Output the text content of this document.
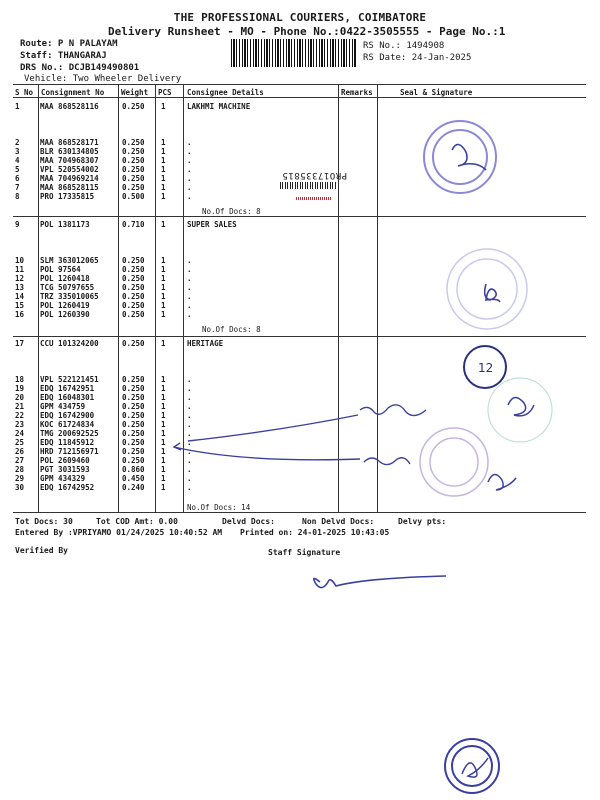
THE PROFESSIONAL COURIERS, COIMBATORE
Delivery Runsheet - MO - Phone No.:0422-3505555 - Page No.:1
Route: P N PALAYAM
Staff: THANGARAJ
DRS No.: DCJB149490801
Vehicle: Two Wheeler Delivery
RS No.: 1494908
RS Date: 24-Jan-2025
S No Consignment No Weight PCS Consignee Details	Remarks	Seal & Signature
1	MAA 868528116	0.250 1	LAKHMI MACHINE
2	MAA 868528171	0.250 1	.
3	BLR 630134805	0.250 1	.
4	MAA 704968307	0.250 1	.
5	VPL 520554002	0.250 1	.
6	MAA 704969214	0.250 1	.
7	MAA 868528115	0.250 1	.
8	PRO 17335815	0.500 1	.
No.Of Docs: 8
9	POL 1381173	0.710 1	SUPER SALES
10 SLM 363012065	0.250 1	.
11 POL 97564	0.250 1	.
12 POL 1260418	0.250 1	.
13 TCG 50797655	0.250 1	.
14 TRZ 335010065	0.250 1	.
15 POL 1260419	0.250 1	.
16 POL 1260390	0.250 1	.
No.Of Docs: 8
17 CCU 101324200	0.250 1	HERITAGE
18 VPL 522121451	0.250 1	.
19 EDQ 16742951	0.250 1	.
20 EDQ 16048301	0.250 1	.
21 GPM 434759	0.250 1	.
22 EDQ 16742900	0.250 1	.
23 KOC 61724834	0.250 1	.
24 TMG 200692525	0.250 1	.
25 EDQ 11845912	0.250 1	.
26 HRD 712156971	0.250 1	.
27 POL 2609460	0.250 1	.
28 PGT 3031593	0.860 1	.
29 GPM 434329	0.450 1	.
30 EDQ 16742952	0.240 1	.
No.Of Docs: 14
Tot Docs: 30	Tot COD Amt: 0.00	Delvd Docs:	Non Delvd Docs:	Delvy pts:
Entered By :VPRIYAMO 01/24/2025 10:40:52 AM Printed on: 24-01-2025 10:43:05
Verified By	Staff Signature
PRO17335815
12
